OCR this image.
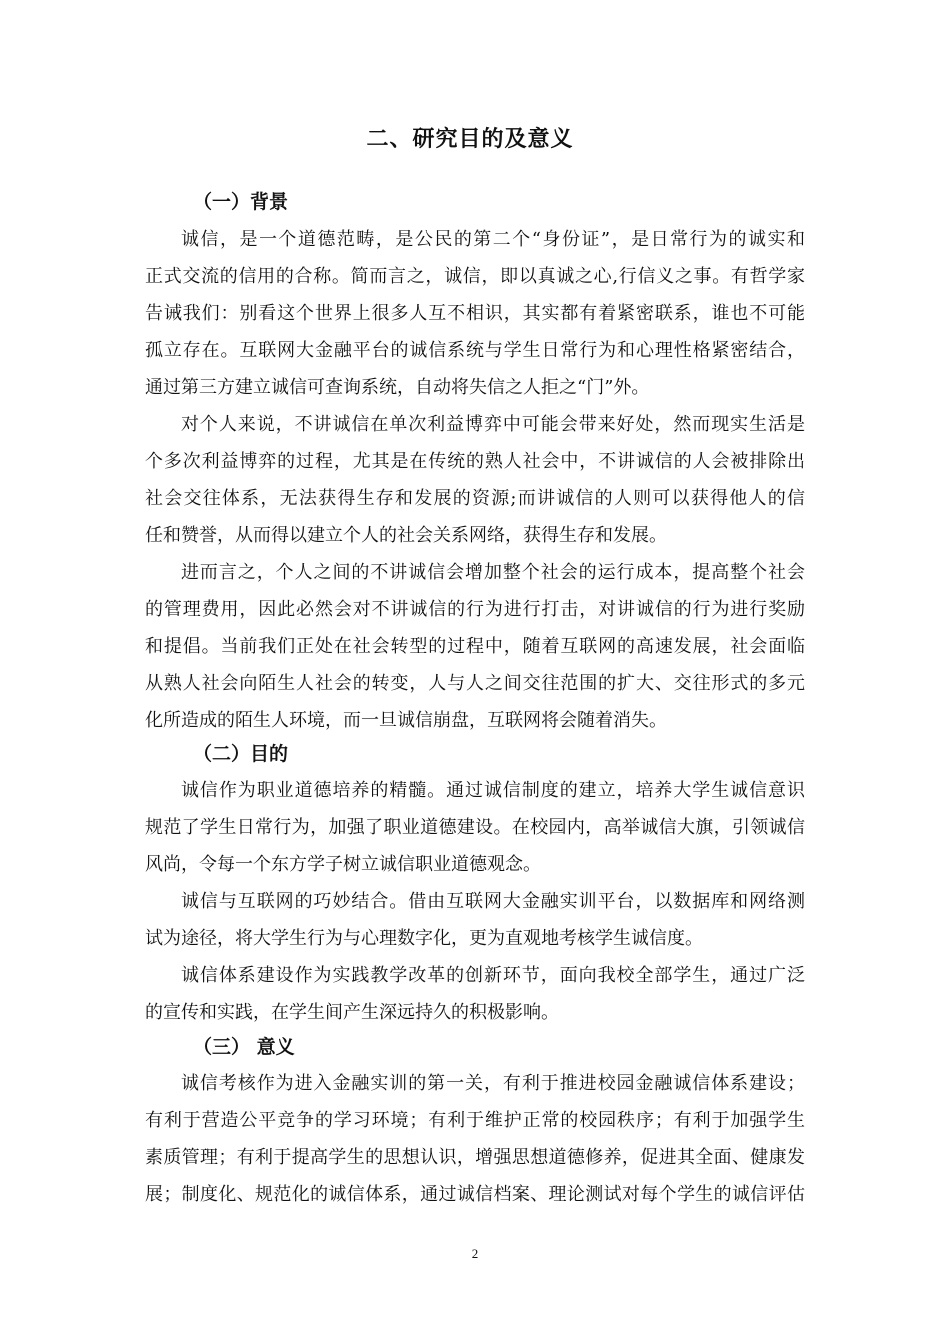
二、研究目的及意义
（一）背景
诚信，是一个道德范畴，是公民的第二个“身份证”，是日常行为的诚实和
正式交流的信用的合称。简而言之，诚信，即以真诚之心,行信义之事。有哲学家
告诫我们：别看这个世界上很多人互不相识，其实都有着紧密联系，谁也不可能
孤立存在。互联网大金融平台的诚信系统与学生日常行为和心理性格紧密结合，
通过第三方建立诚信可查询系统，自动将失信之人拒之“门”外。
对个人来说，不讲诚信在单次利益博弈中可能会带来好处，然而现实生活是
个多次利益博弈的过程，尤其是在传统的熟人社会中，不讲诚信的人会被排除出
社会交往体系，无法获得生存和发展的资源;而讲诚信的人则可以获得他人的信
任和赞誉，从而得以建立个人的社会关系网络，获得生存和发展。
进而言之，个人之间的不讲诚信会增加整个社会的运行成本，提高整个社会
的管理费用，因此必然会对不讲诚信的行为进行打击，对讲诚信的行为进行奖励
和提倡。当前我们正处在社会转型的过程中，随着互联网的高速发展，社会面临
从熟人社会向陌生人社会的转变，人与人之间交往范围的扩大、交往形式的多元
化所造成的陌生人环境，而一旦诚信崩盘，互联网将会随着消失。
（二）目的
诚信作为职业道德培养的精髓。通过诚信制度的建立，培养大学生诚信意识
规范了学生日常行为，加强了职业道德建设。在校园内，高举诚信大旗，引领诚信
风尚，令每一个东方学子树立诚信职业道德观念。
诚信与互联网的巧妙结合。借由互联网大金融实训平台，以数据库和网络测
试为途径，将大学生行为与心理数字化，更为直观地考核学生诚信度。
诚信体系建设作为实践教学改革的创新环节，面向我校全部学生，通过广泛
的宣传和实践，在学生间产生深远持久的积极影响。
（三） 意义
诚信考核作为进入金融实训的第一关，有利于推进校园金融诚信体系建设；
有利于营造公平竞争的学习环境；有利于维护正常的校园秩序；有利于加强学生
素质管理；有利于提高学生的思想认识，增强思想道德修养，促进其全面、健康发
展；制度化、规范化的诚信体系，通过诚信档案、理论测试对每个学生的诚信评估
2
